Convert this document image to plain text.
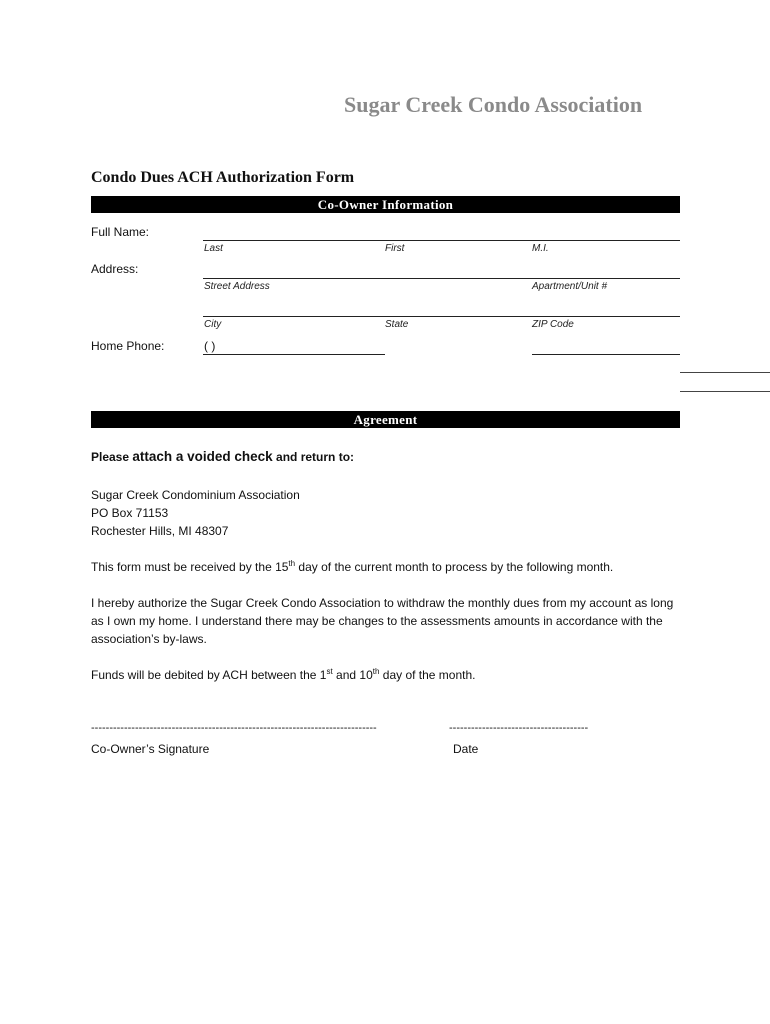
Sugar Creek Condo Association
Condo Dues ACH Authorization Form
Co-Owner Information
Full Name:
Last	First	M.I.
Address:
Street Address	Apartment/Unit #
City	State	ZIP Code
Home Phone:	( )
Agreement
Please attach a voided check and return to:
Sugar Creek Condominium Association
PO Box 71153
Rochester Hills, MI 48307
This form must be received by the 15th day of the current month to process by the following month.
I hereby authorize the Sugar Creek Condo Association to withdraw the monthly dues from my account as long as I own my home. I understand there may be changes to the assessments amounts in accordance with the association’s by-laws.
Funds will be debited by ACH between the 1st and 10th day of the month.
------------------------------------------------------------------------------	--------------------------------------
Co-Owner’s Signature	Date
